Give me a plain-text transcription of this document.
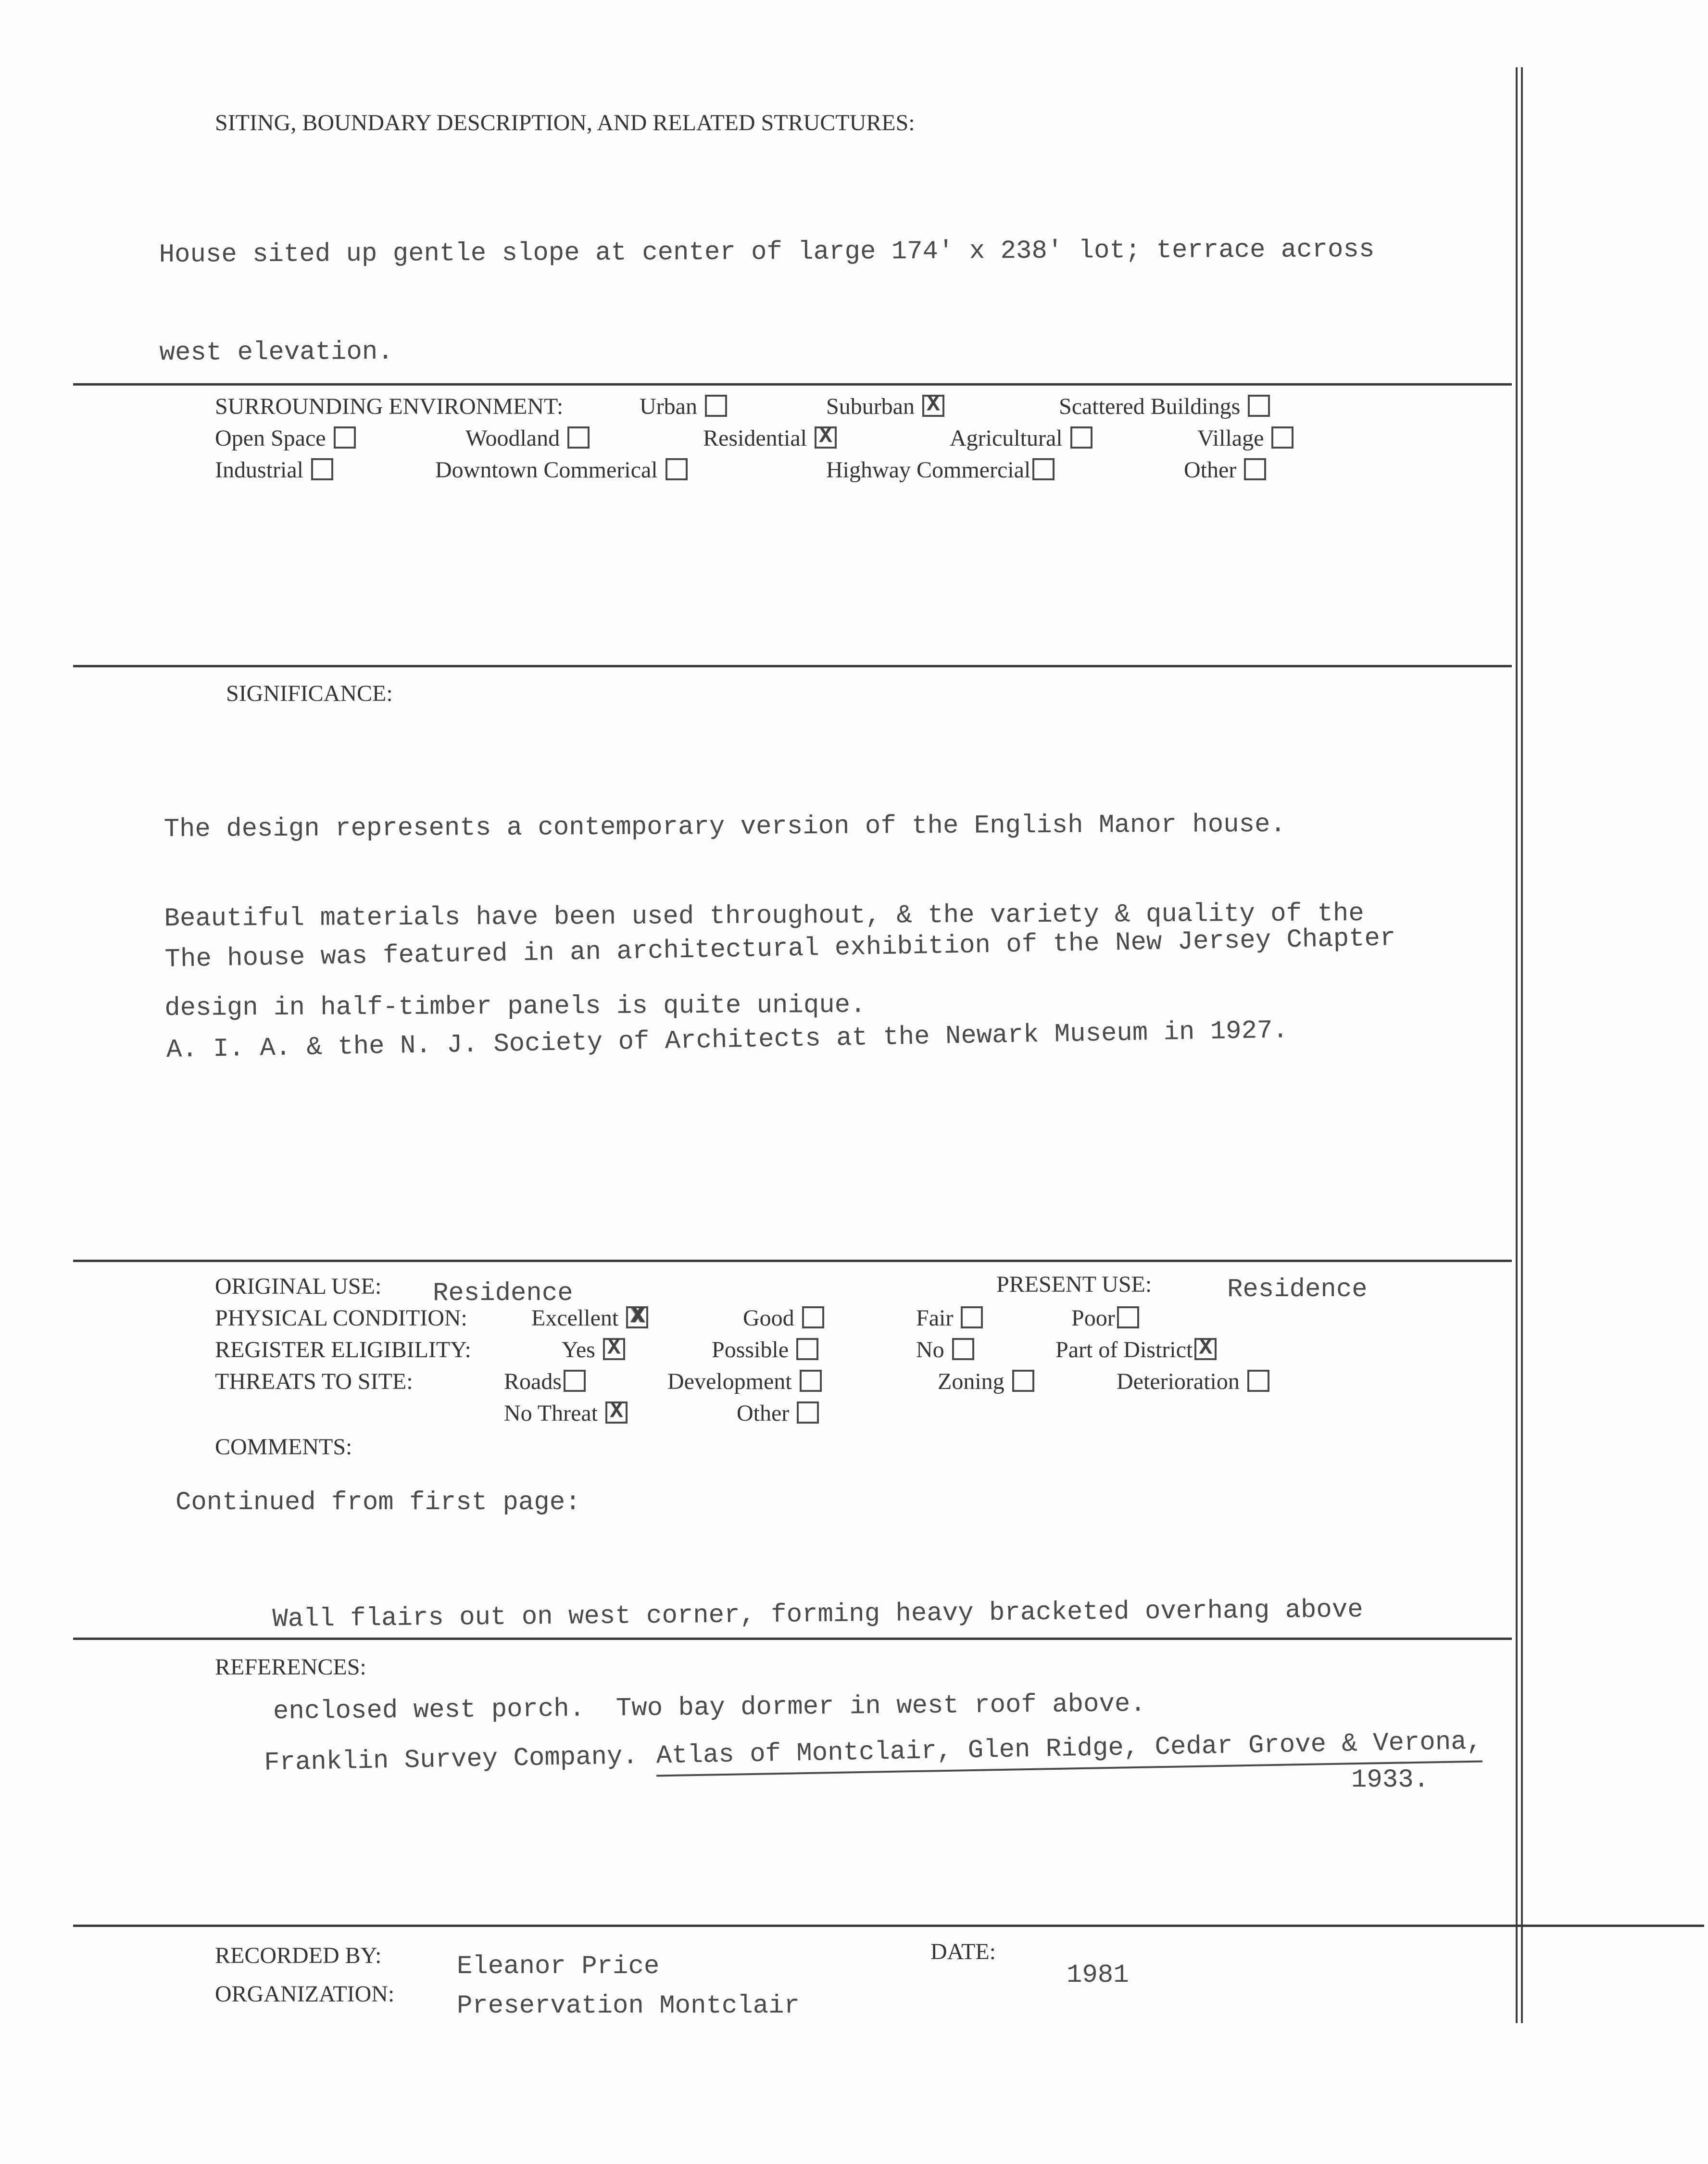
SITING, BOUNDARY DESCRIPTION, AND RELATED STRUCTURES:

House sited up gentle slope at center of large 174' x 238' lot; terrace across

west elevation.

SURROUNDING ENVIRONMENT:	Urban	Suburban X	Scattered Buildings
Open Space	Woodland	Residential X	Agricultural	Village
Industrial	Downtown Commerical	Highway Commercial	Other
SIGNIFICANCE:

The design represents a contemporary version of the English Manor house.

Beautiful materials have been used throughout, & the variety & quality of the

design in half-timber panels is quite unique.

The house was featured in an architectural exhibition of the New Jersey Chapter

A. I. A. & the N. J. Society of Architects at the Newark Museum in 1927.

ORIGINAL USE: Residence	PRESENT USE:	Residence
PHYSICAL CONDITION:	Excellent X	Good	Fair	Poor
REGISTER ELIGIBILITY:	Yes X	Possible	No	Part of District X
THREATS TO SITE:	Roads	Development	Zoning	Deterioration
No Threat X	Other
COMMENTS:
Continued from first page:

Wall flairs out on west corner, forming heavy bracketed overhang above

enclosed west porch.  Two bay dormer in west roof above.

REFERENCES:

Franklin Survey Company. Atlas of Montclair, Glen Ridge, Cedar Grove & Verona,

1933.
RECORDED BY:	Eleanor Price
ORGANIZATION: Preservation Montclair
DATE:
1981
